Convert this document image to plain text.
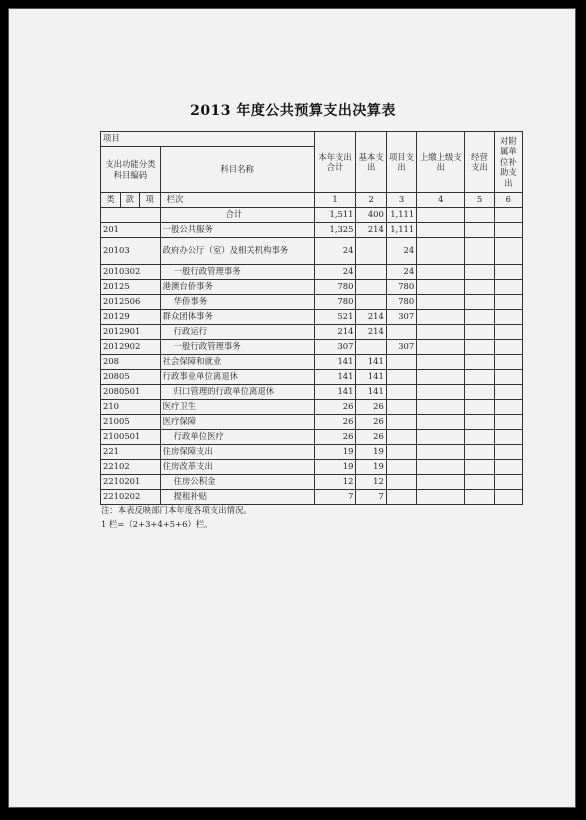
2013 年度公共预算支出决算表
项目				本年支出合计	基本支出	项目支出	上缴上级支出	经营支出	对附属单位补助支出
支出功能分类科目编码			科目名称						
类	款	项	栏次	1	2	3	4	5	6
			合计	1,511	400	1,111			
201			一般公共服务	1,325	214	1,111			
20103			政府办公厅（室）及相关机构事务	24		24			
2010302			一般行政管理事务	24		24			
20125			港澳台侨事务	780		780			
2012506			华侨事务	780		780			
20129			群众团体事务	521	214	307			
2012901			行政运行	214	214				
2012902			一般行政管理事务	307		307			
208			社会保障和就业	141	141				
20805			行政事业单位离退休	141	141				
2080501			归口管理的行政单位离退休	141	141				
210			医疗卫生	26	26				
21005			医疗保障	26	26				
2100501			行政单位医疗	26	26				
221			住房保障支出	19	19				
22102			住房改革支出	19	19				
2210201			住房公积金	12	12				
2210202			提租补贴	7	7				
注：本表反映部门本年度各项支出情况。
1 栏=（2+3+4+5+6）栏。
